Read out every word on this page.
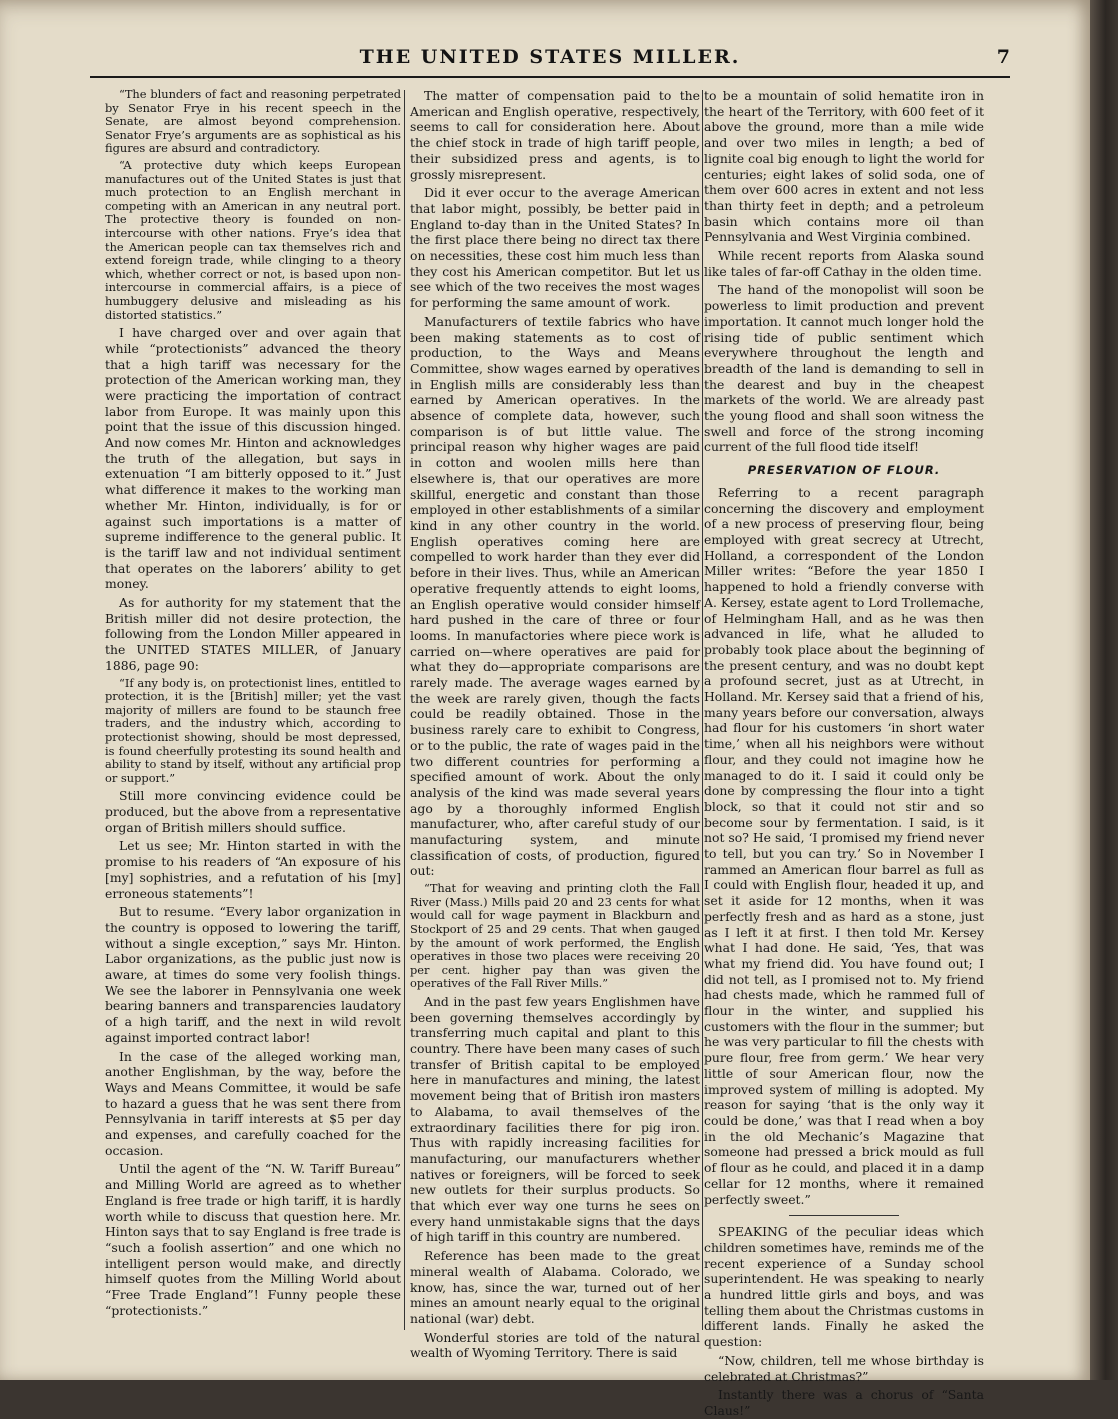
THE UNITED STATES MILLER.	7

“The blunders of fact and reasoning perpetrated by Senator Frye in his recent speech in the Senate, are almost beyond comprehension. Senator Frye’s arguments are as sophistical as his figures are absurd and contradictory.

“A protective duty which keeps European manufactures out of the United States is just that much protection to an English merchant in competing with an American in any neutral port. The protective theory is founded on non-intercourse with other nations. Frye’s idea that the American people can tax themselves rich and extend foreign trade, while clinging to a theory which, whether correct or not, is based upon non-intercourse in commercial affairs, is a piece of humbuggery delusive and misleading as his distorted statistics.”

I have charged over and over again that while “protectionists” advanced the theory that a high tariff was necessary for the protection of the American working man, they were practicing the importation of contract labor from Europe. It was mainly upon this point that the issue of this discussion hinged. And now comes Mr. Hinton and acknowledges the truth of the allegation, but says in extenuation “I am bitterly opposed to it.” Just what difference it makes to the working man whether Mr. Hinton, individually, is for or against such importations is a matter of supreme indifference to the general public. It is the tariff law and not individual sentiment that operates on the laborers’ ability to get money.

As for authority for my statement that the British miller did not desire protection, the following from the London Miller appeared in the UNITED STATES MILLER, of January 1886, page 90:

“If any body is, on protectionist lines, entitled to protection, it is the [British] miller; yet the vast majority of millers are found to be staunch free traders, and the industry which, according to protectionist showing, should be most depressed, is found cheerfully protesting its sound health and ability to stand by itself, without any artificial prop or support.”

Still more convincing evidence could be produced, but the above from a representative organ of British millers should suffice.

Let us see; Mr. Hinton started in with the promise to his readers of “An exposure of his [my] sophistries, and a refutation of his [my] erroneous statements”!

But to resume. “Every labor organization in the country is opposed to lowering the tariff, without a single exception,” says Mr. Hinton. Labor organizations, as the public just now is aware, at times do some very foolish things. We see the laborer in Pennsylvania one week bearing banners and transparencies laudatory of a high tariff, and the next in wild revolt against imported contract labor!

In the case of the alleged working man, another Englishman, by the way, before the Ways and Means Committee, it would be safe to hazard a guess that he was sent there from Pennsylvania in tariff interests at $5 per day and expenses, and carefully coached for the occasion.

Until the agent of the “N. W. Tariff Bureau” and Milling World are agreed as to whether England is free trade or high tariff, it is hardly worth while to discuss that question here. Mr. Hinton says that to say England is free trade is “such a foolish assertion” and one which no intelligent person would make, and directly himself quotes from the Milling World about “Free Trade England”! Funny people these “protectionists.”

The matter of compensation paid to the American and English operative, respectively, seems to call for consideration here. About the chief stock in trade of high tariff people, their subsidized press and agents, is to grossly misrepresent.

Did it ever occur to the average American that labor might, possibly, be better paid in England to-day than in the United States? In the first place there being no direct tax there on necessities, these cost him much less than they cost his American competitor. But let us see which of the two receives the most wages for performing the same amount of work.

Manufacturers of textile fabrics who have been making statements as to cost of production, to the Ways and Means Committee, show wages earned by operatives in English mills are considerably less than earned by American operatives. In the absence of complete data, however, such comparison is of but little value. The principal reason why higher wages are paid in cotton and woolen mills here than elsewhere is, that our operatives are more skillful, energetic and constant than those employed in other establishments of a similar kind in any other country in the world. English operatives coming here are compelled to work harder than they ever did before in their lives. Thus, while an American operative frequently attends to eight looms, an English operative would consider himself hard pushed in the care of three or four looms. In manufactories where piece work is carried on—where operatives are paid for what they do—appropriate comparisons are rarely made. The average wages earned by the week are rarely given, though the facts could be readily obtained. Those in the business rarely care to exhibit to Congress, or to the public, the rate of wages paid in the two different countries for performing a specified amount of work. About the only analysis of the kind was made several years ago by a thoroughly informed English manufacturer, who, after careful study of our manufacturing system, and minute classification of costs, of production, figured out:

“That for weaving and printing cloth the Fall River (Mass.) Mills paid 20 and 23 cents for what would call for wage payment in Blackburn and Stockport of 25 and 29 cents. That when gauged by the amount of work performed, the English operatives in those two places were receiving 20 per cent. higher pay than was given the operatives of the Fall River Mills.”

And in the past few years Englishmen have been governing themselves accordingly by transferring much capital and plant to this country. There have been many cases of such transfer of British capital to be employed here in manufactures and mining, the latest movement being that of British iron masters to Alabama, to avail themselves of the extraordinary facilities there for pig iron. Thus with rapidly increasing facilities for manufacturing, our manufacturers whether natives or foreigners, will be forced to seek new outlets for their surplus products. So that which ever way one turns he sees on every hand unmistakable signs that the days of high tariff in this country are numbered.

Reference has been made to the great mineral wealth of Alabama. Colorado, we know, has, since the war, turned out of her mines an amount nearly equal to the original national (war) debt.

Wonderful stories are told of the natural wealth of Wyoming Territory. There is said

to be a mountain of solid hematite iron in the heart of the Territory, with 600 feet of it above the ground, more than a mile wide and over two miles in length; a bed of lignite coal big enough to light the world for centuries; eight lakes of solid soda, one of them over 600 acres in extent and not less than thirty feet in depth; and a petroleum basin which contains more oil than Pennsylvania and West Virginia combined.

While recent reports from Alaska sound like tales of far-off Cathay in the olden time.

The hand of the monopolist will soon be powerless to limit production and prevent importation. It cannot much longer hold the rising tide of public sentiment which everywhere throughout the length and breadth of the land is demanding to sell in the dearest and buy in the cheapest markets of the world. We are already past the young flood and shall soon witness the swell and force of the strong incoming current of the full flood tide itself!

PRESERVATION OF FLOUR.

Referring to a recent paragraph concerning the discovery and employment of a new process of preserving flour, being employed with great secrecy at Utrecht, Holland, a correspondent of the London Miller writes: “Before the year 1850 I happened to hold a friendly converse with A. Kersey, estate agent to Lord Trollemache, of Helmingham Hall, and as he was then advanced in life, what he alluded to probably took place about the beginning of the present century, and was no doubt kept a profound secret, just as at Utrecht, in Holland. Mr. Kersey said that a friend of his, many years before our conversation, always had flour for his customers ‘in short water time,’ when all his neighbors were without flour, and they could not imagine how he managed to do it. I said it could only be done by compressing the flour into a tight block, so that it could not stir and so become sour by fermentation. I said, is it not so? He said, ‘I promised my friend never to tell, but you can try.’ So in November I rammed an American flour barrel as full as I could with English flour, headed it up, and set it aside for 12 months, when it was perfectly fresh and as hard as a stone, just as I left it at first. I then told Mr. Kersey what I had done. He said, ‘Yes, that was what my friend did. You have found out; I did not tell, as I promised not to. My friend had chests made, which he rammed full of flour in the winter, and supplied his customers with the flour in the summer; but he was very particular to fill the chests with pure flour, free from germ.’ We hear very little of sour American flour, now the improved system of milling is adopted. My reason for saying ‘that is the only way it could be done,’ was that I read when a boy in the old Mechanic’s Magazine that someone had pressed a brick mould as full of flour as he could, and placed it in a damp cellar for 12 months, where it remained perfectly sweet.”

SPEAKING of the peculiar ideas which children sometimes have, reminds me of the recent experience of a Sunday school superintendent. He was speaking to nearly a hundred little girls and boys, and was telling them about the Christmas customs in different lands. Finally he asked the question:

“Now, children, tell me whose birthday is celebrated at Christmas?”

Instantly there was a chorus of “Santa Claus!”
